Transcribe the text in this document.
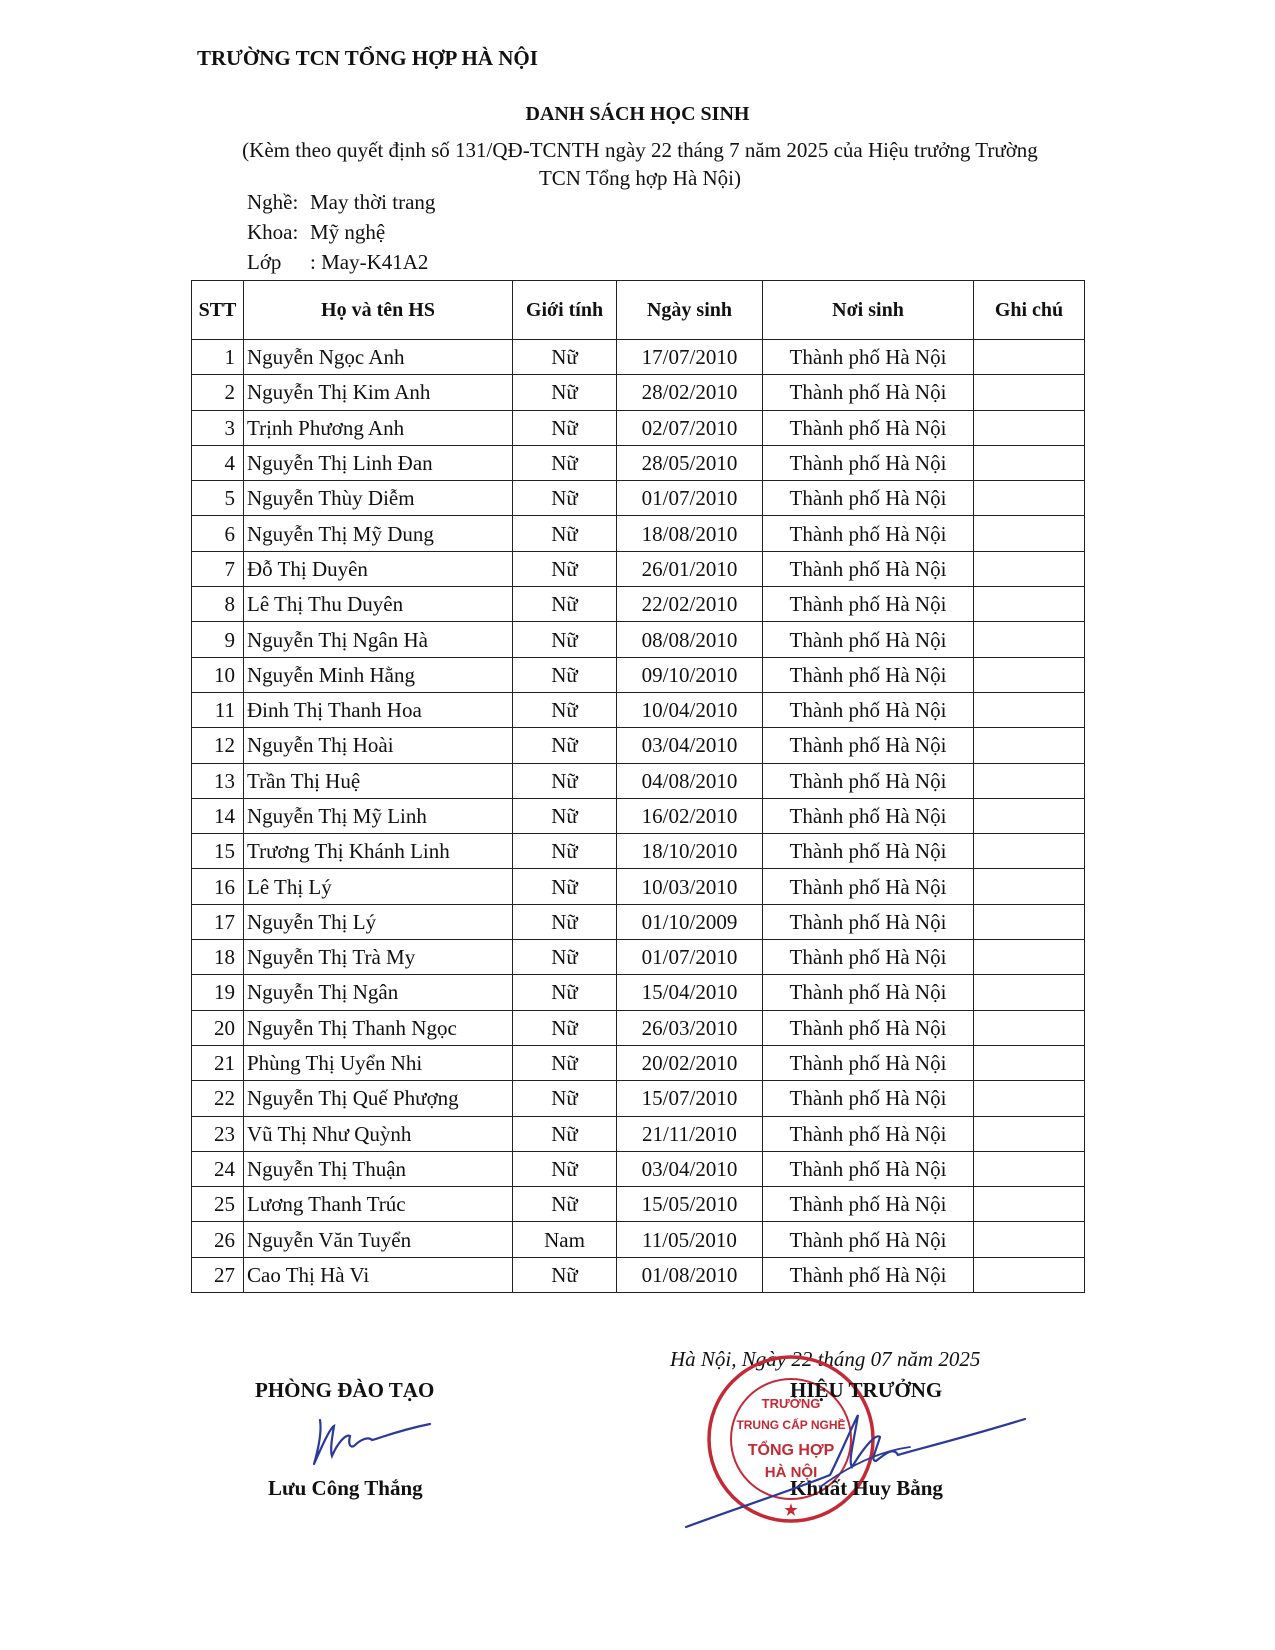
TRƯỜNG TCN TỔNG HỢP HÀ NỘI
DANH SÁCH HỌC SINH
(Kèm theo quyết định số 131/QĐ-TCNTH ngày 22 tháng 7 năm 2025 của Hiệu trưởng Trường
TCN Tổng hợp Hà Nội)
Nghề: May thời trang
Khoa: Mỹ nghệ
Lớp : May-K41A2
STT	Họ và tên HS	Giới tính	Ngày sinh	Nơi sinh	Ghi chú
1	Nguyễn Ngọc Anh	Nữ	17/07/2010	Thành phố Hà Nội	
2	Nguyễn Thị Kim Anh	Nữ	28/02/2010	Thành phố Hà Nội	
3	Trịnh Phương Anh	Nữ	02/07/2010	Thành phố Hà Nội	
4	Nguyễn Thị Linh Đan	Nữ	28/05/2010	Thành phố Hà Nội	
5	Nguyễn Thùy Diễm	Nữ	01/07/2010	Thành phố Hà Nội	
6	Nguyễn Thị Mỹ Dung	Nữ	18/08/2010	Thành phố Hà Nội	
7	Đỗ Thị Duyên	Nữ	26/01/2010	Thành phố Hà Nội	
8	Lê Thị Thu Duyên	Nữ	22/02/2010	Thành phố Hà Nội	
9	Nguyễn Thị Ngân Hà	Nữ	08/08/2010	Thành phố Hà Nội	
10	Nguyễn Minh Hằng	Nữ	09/10/2010	Thành phố Hà Nội	
11	Đinh Thị Thanh Hoa	Nữ	10/04/2010	Thành phố Hà Nội	
12	Nguyễn Thị Hoài	Nữ	03/04/2010	Thành phố Hà Nội	
13	Trần Thị Huệ	Nữ	04/08/2010	Thành phố Hà Nội	
14	Nguyễn Thị Mỹ Linh	Nữ	16/02/2010	Thành phố Hà Nội	
15	Trương Thị Khánh Linh	Nữ	18/10/2010	Thành phố Hà Nội	
16	Lê Thị Lý	Nữ	10/03/2010	Thành phố Hà Nội	
17	Nguyễn Thị Lý	Nữ	01/10/2009	Thành phố Hà Nội	
18	Nguyễn Thị Trà My	Nữ	01/07/2010	Thành phố Hà Nội	
19	Nguyễn Thị Ngân	Nữ	15/04/2010	Thành phố Hà Nội	
20	Nguyễn Thị Thanh Ngọc	Nữ	26/03/2010	Thành phố Hà Nội	
21	Phùng Thị Uyển Nhi	Nữ	20/02/2010	Thành phố Hà Nội	
22	Nguyễn Thị Quế Phượng	Nữ	15/07/2010	Thành phố Hà Nội	
23	Vũ Thị Như Quỳnh	Nữ	21/11/2010	Thành phố Hà Nội	
24	Nguyễn Thị Thuận	Nữ	03/04/2010	Thành phố Hà Nội	
25	Lương Thanh Trúc	Nữ	15/05/2010	Thành phố Hà Nội	
26	Nguyễn Văn Tuyển	Nam	11/05/2010	Thành phố Hà Nội	
27	Cao Thị Hà Vi	Nữ	01/08/2010	Thành phố Hà Nội	
Hà Nội, Ngày 22 tháng 07 năm 2025
PHÒNG ĐÀO TẠO
Lưu Công Thắng
★
TRƯỜNG
TRUNG CẤP NGHỀ
TỔNG HỢP
HÀ NỘI
HIỆU TRƯỞNG
Khuất Huy Bằng
